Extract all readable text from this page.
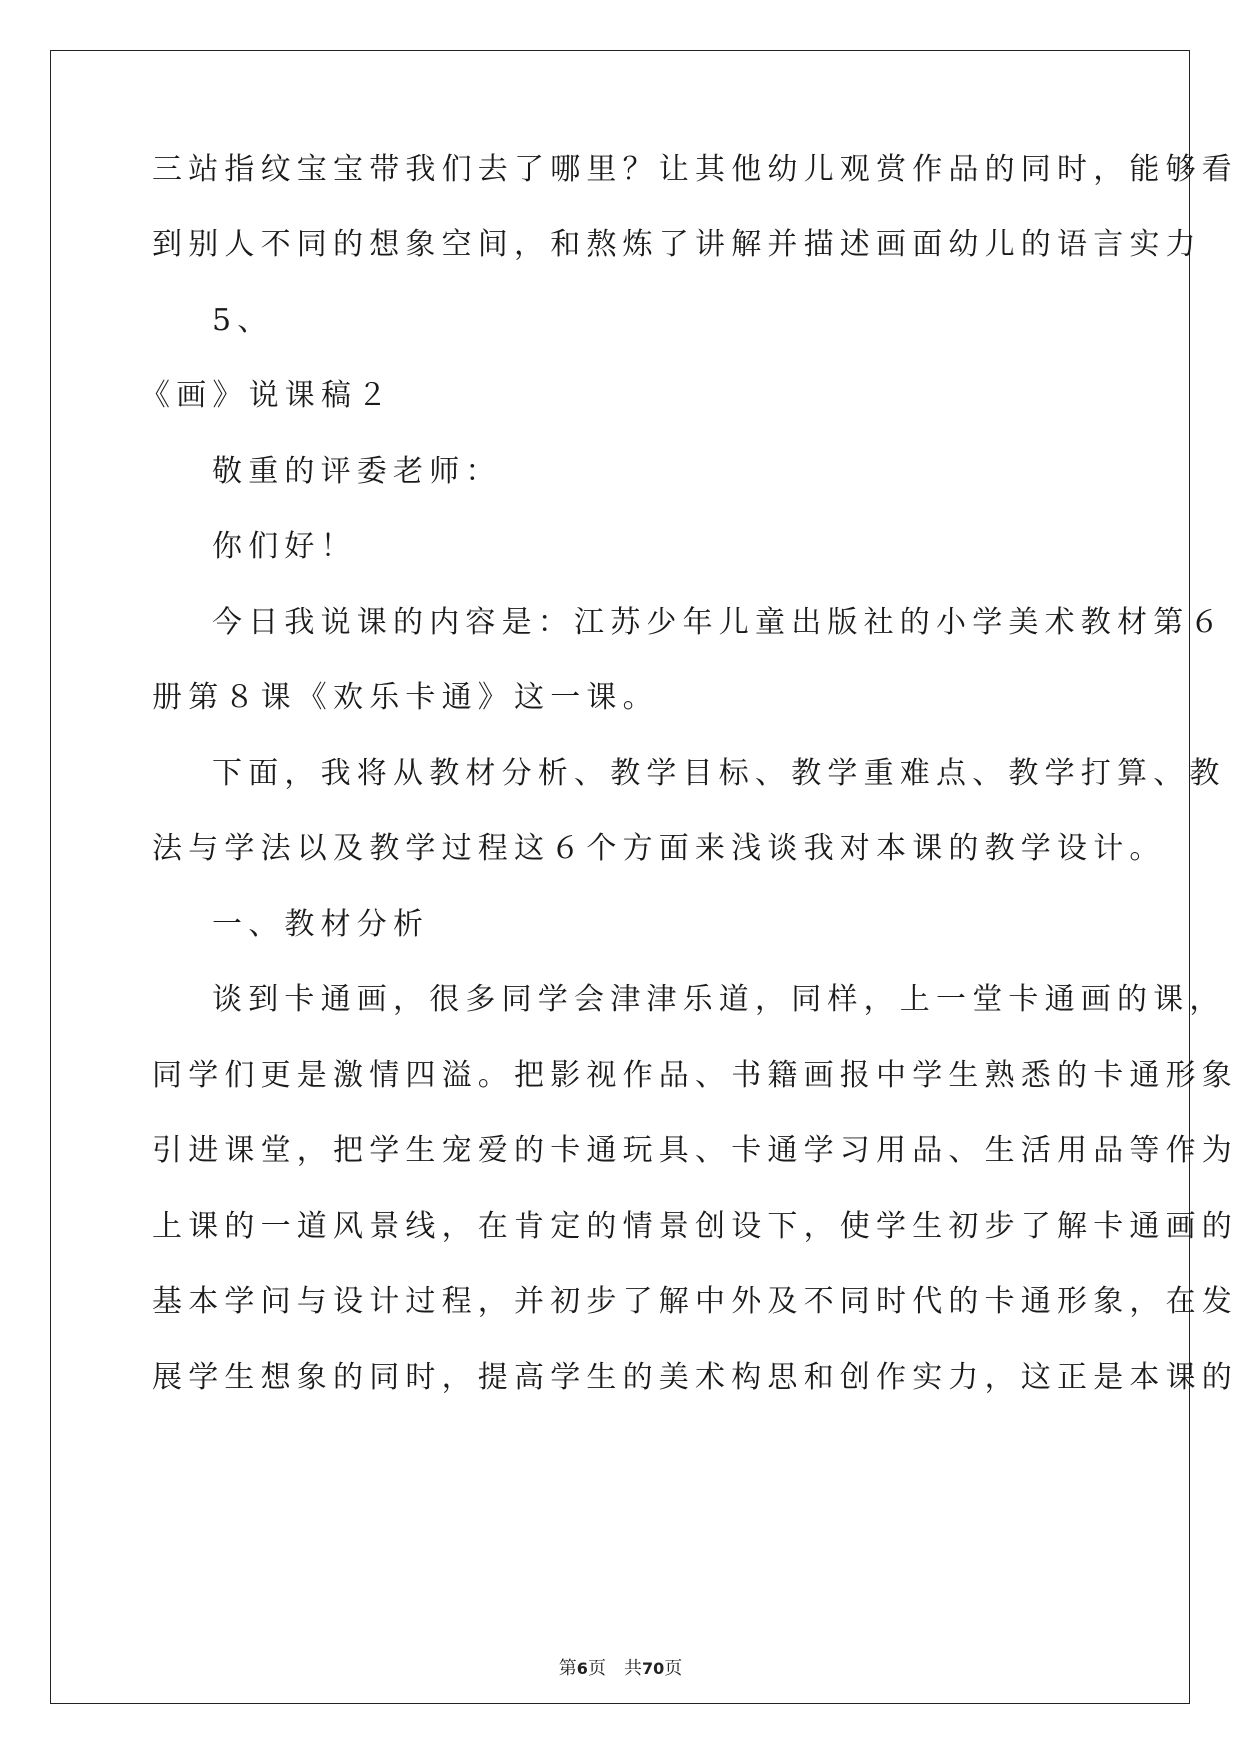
三站指纹宝宝带我们去了哪里？让其他幼儿观赏作品的同时，能够看
到别人不同的想象空间，和熬炼了讲解并描述画面幼儿的语言实力
5、
《画》说课稿２
敬重的评委老师：
你们好！
今日我说课的内容是：江苏少年儿童出版社的小学美术教材第６
册第８课《欢乐卡通》这一课。
下面，我将从教材分析、教学目标、教学重难点、教学打算、教
法与学法以及教学过程这６个方面来浅谈我对本课的教学设计。
一、教材分析
谈到卡通画，很多同学会津津乐道，同样，上一堂卡通画的课，
同学们更是激情四溢。把影视作品、书籍画报中学生熟悉的卡通形象
引进课堂，把学生宠爱的卡通玩具、卡通学习用品、生活用品等作为
上课的一道风景线，在肯定的情景创设下，使学生初步了解卡通画的
基本学问与设计过程，并初步了解中外及不同时代的卡通形象，在发
展学生想象的同时，提高学生的美术构思和创作实力，这正是本课的
第6页 共70页
